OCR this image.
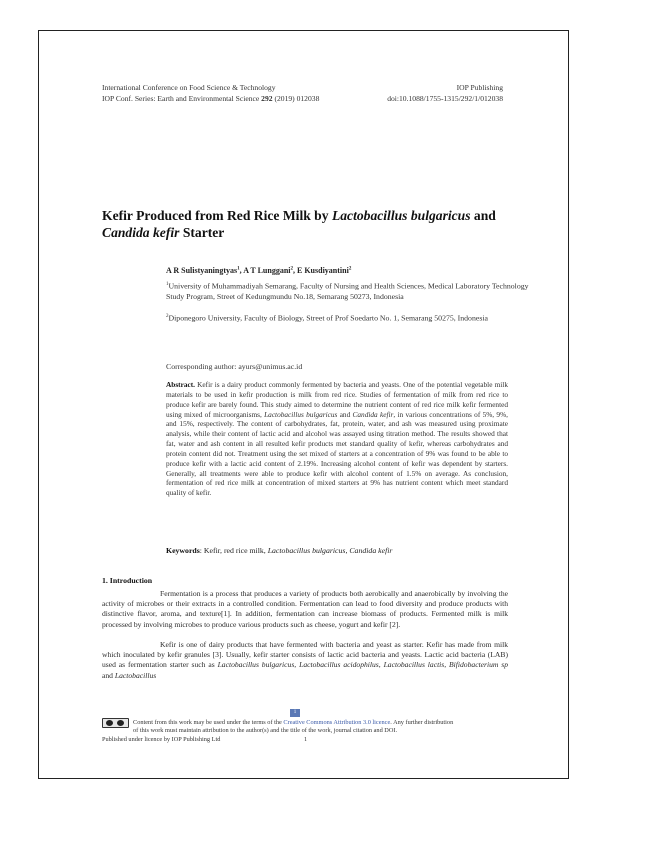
International Conference on Food Science & Technology	IOP Publishing
IOP Conf. Series: Earth and Environmental Science 292 (2019) 012038	doi:10.1088/1755-1315/292/1/012038
Kefir Produced from Red Rice Milk by Lactobacillus bulgaricus and Candida kefir Starter
A R Sulistyaningtyas$^1$, A T Lunggani$^2$, E Kusdiyantini$^2$
$^1$University of Muhammadiyah Semarang, Faculty of Nursing and Health Sciences, Medical Laboratory Technology Study Program, Street of Kedungmundu No.18, Semarang 50273, Indonesia
$^2$Diponegoro University, Faculty of Biology, Street of Prof Soedarto No. 1, Semarang 50275, Indonesia
Corresponding author: ayurs@unimus.ac.id
Abstract. Kefir is a dairy product commonly fermented by bacteria and yeasts. One of the potential vegetable milk materials to be used in kefir production is milk from red rice. Studies of fermentation of milk from red rice to produce kefir are barely found. This study aimed to determine the nutrient content of red rice milk kefir fermented using mixed of microorganisms, Lactobacillus bulgaricus and Candida kefir, in various concentrations of 5%, 9%, and 15%, respectively. The content of carbohydrates, fat, protein, water, and ash was measured using proximate analysis, while their content of lactic acid and alcohol was assayed using titration method. The results showed that fat, water and ash content in all resulted kefir products met standard quality of kefir, whereas carbohydrates and protein content did not. Treatment using the set mixed of starters at a concentration of 9% was found to be able to produce kefir with a lactic acid content of 2.19%. Increasing alcohol content of kefir was dependent by starters. Generally, all treatments were able to produce kefir with alcohol content of 1.5% on average. As conclusion, fermentation of red rice milk at concentration of mixed starters at 9% has nutrient content which meet standard quality of kefir.
Keywords: Kefir, red rice milk, Lactobacillus bulgaricus, Candida kefir
1. Introduction
Fermentation is a process that produces a variety of products both aerobically and anaerobically by involving the activity of microbes or their extracts in a controlled condition. Fermentation can lead to food diversity and produce products with distinctive flavor, aroma, and texture[1]. In addition, fermentation can increase biomass of products. Fermented milk is milk processed by involving microbes to produce various products such as cheese, yogurt and kefir [2].
Kefir is one of dairy products that have fermented with bacteria and yeast as starter. Kefir has made from milk which inoculated by kefir granules [3]. Usually, kefir starter consists of lactic acid bacteria and yeasts. Lactic acid bacteria (LAB) used as fermentation starter such as Lactobacillus bulgaricus, Lactobacillus acidophilus, Lactobacillus lactis, Bifidobacterium sp and Lactobacillus
1
Content from this work may be used under the terms of the Creative Commons Attribution 3.0 licence. Any further distribution
of this work must maintain attribution to the author(s) and the title of the work, journal citation and DOI.
Published under licence by IOP Publishing Ltd	1
